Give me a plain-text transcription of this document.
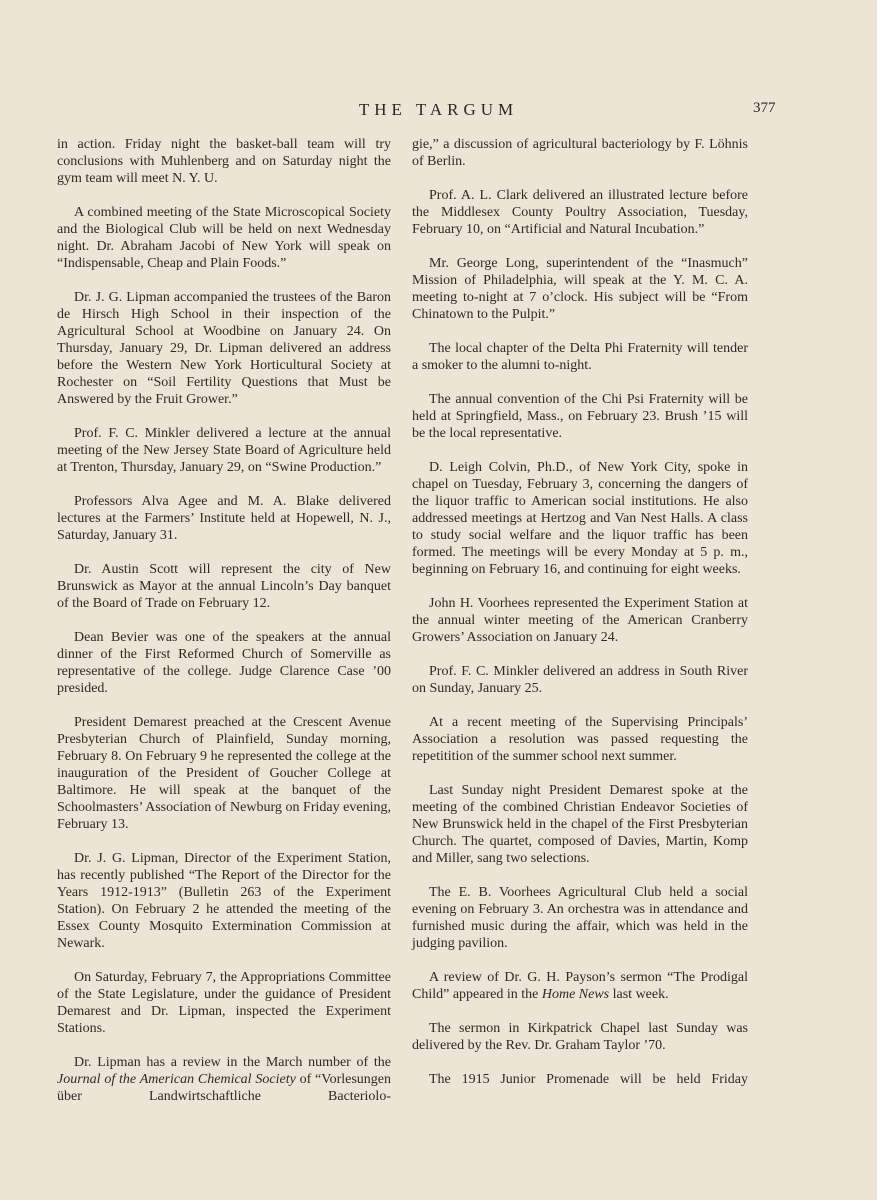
THE TARGUM	377

in action. Friday night the basket-ball team will try conclusions with Muhlenberg and on Saturday night the gym team will meet N. Y. U.

A combined meeting of the State Microscopical Society and the Biological Club will be held on next Wednesday night. Dr. Abraham Jacobi of New York will speak on “Indispensable, Cheap and Plain Foods.”

Dr. J. G. Lipman accompanied the trustees of the Baron de Hirsch High School in their inspection of the Agricultural School at Woodbine on January 24. On Thursday, January 29, Dr. Lipman delivered an address before the Western New York Horticultural Society at Rochester on “Soil Fertility Questions that Must be Answered by the Fruit Grower.”

Prof. F. C. Minkler delivered a lecture at the annual meeting of the New Jersey State Board of Agriculture held at Trenton, Thursday, January 29, on “Swine Production.”

Professors Alva Agee and M. A. Blake delivered lectures at the Farmers’ Institute held at Hopewell, N. J., Saturday, January 31.

Dr. Austin Scott will represent the city of New Brunswick as Mayor at the annual Lincoln’s Day banquet of the Board of Trade on February 12.

Dean Bevier was one of the speakers at the annual dinner of the First Reformed Church of Somerville as representative of the college. Judge Clarence Case ’00 presided.

President Demarest preached at the Crescent Avenue Presbyterian Church of Plainfield, Sunday morning, February 8. On February 9 he represented the college at the inauguration of the President of Goucher College at Baltimore. He will speak at the banquet of the Schoolmasters’ Association of Newburg on Friday evening, February 13.

Dr. J. G. Lipman, Director of the Experiment Station, has recently published “The Report of the Director for the Years 1912-1913” (Bulletin 263 of the Experiment Station). On February 2 he attended the meeting of the Essex County Mosquito Extermination Commission at Newark.

On Saturday, February 7, the Appropriations Committee of the State Legislature, under the guidance of President Demarest and Dr. Lipman, inspected the Experiment Stations.

Dr. Lipman has a review in the March number of the Journal of the American Chemical Society of “Vorlesungen über Landwirtschaftliche Bacteriolo-

gie,” a discussion of agricultural bacteriology by F. Löhnis of Berlin.

Prof. A. L. Clark delivered an illustrated lecture before the Middlesex County Poultry Association, Tuesday, February 10, on “Artificial and Natural Incubation.”

Mr. George Long, superintendent of the “Inasmuch” Mission of Philadelphia, will speak at the Y. M. C. A. meeting to-night at 7 o’clock. His subject will be “From Chinatown to the Pulpit.”

The local chapter of the Delta Phi Fraternity will tender a smoker to the alumni to-night.

The annual convention of the Chi Psi Fraternity will be held at Springfield, Mass., on February 23. Brush ’15 will be the local representative.

D. Leigh Colvin, Ph.D., of New York City, spoke in chapel on Tuesday, February 3, concerning the dangers of the liquor traffic to American social institutions. He also addressed meetings at Hertzog and Van Nest Halls. A class to study social welfare and the liquor traffic has been formed. The meetings will be every Monday at 5 p. m., beginning on February 16, and continuing for eight weeks.

John H. Voorhees represented the Experiment Station at the annual winter meeting of the American Cranberry Growers’ Association on January 24.

Prof. F. C. Minkler delivered an address in South River on Sunday, January 25.

At a recent meeting of the Supervising Principals’ Association a resolution was passed requesting the repetitition of the summer school next summer.

Last Sunday night President Demarest spoke at the meeting of the combined Christian Endeavor Societies of New Brunswick held in the chapel of the First Presbyterian Church. The quartet, composed of Davies, Martin, Komp and Miller, sang two selections.

The E. B. Voorhees Agricultural Club held a social evening on February 3. An orchestra was in attendance and furnished music during the affair, which was held in the judging pavilion.

A review of Dr. G. H. Payson’s sermon “The Prodigal Child” appeared in the Home News last week.

The sermon in Kirkpatrick Chapel last Sunday was delivered by the Rev. Dr. Graham Taylor ’70.

The 1915 Junior Promenade will be held Friday
